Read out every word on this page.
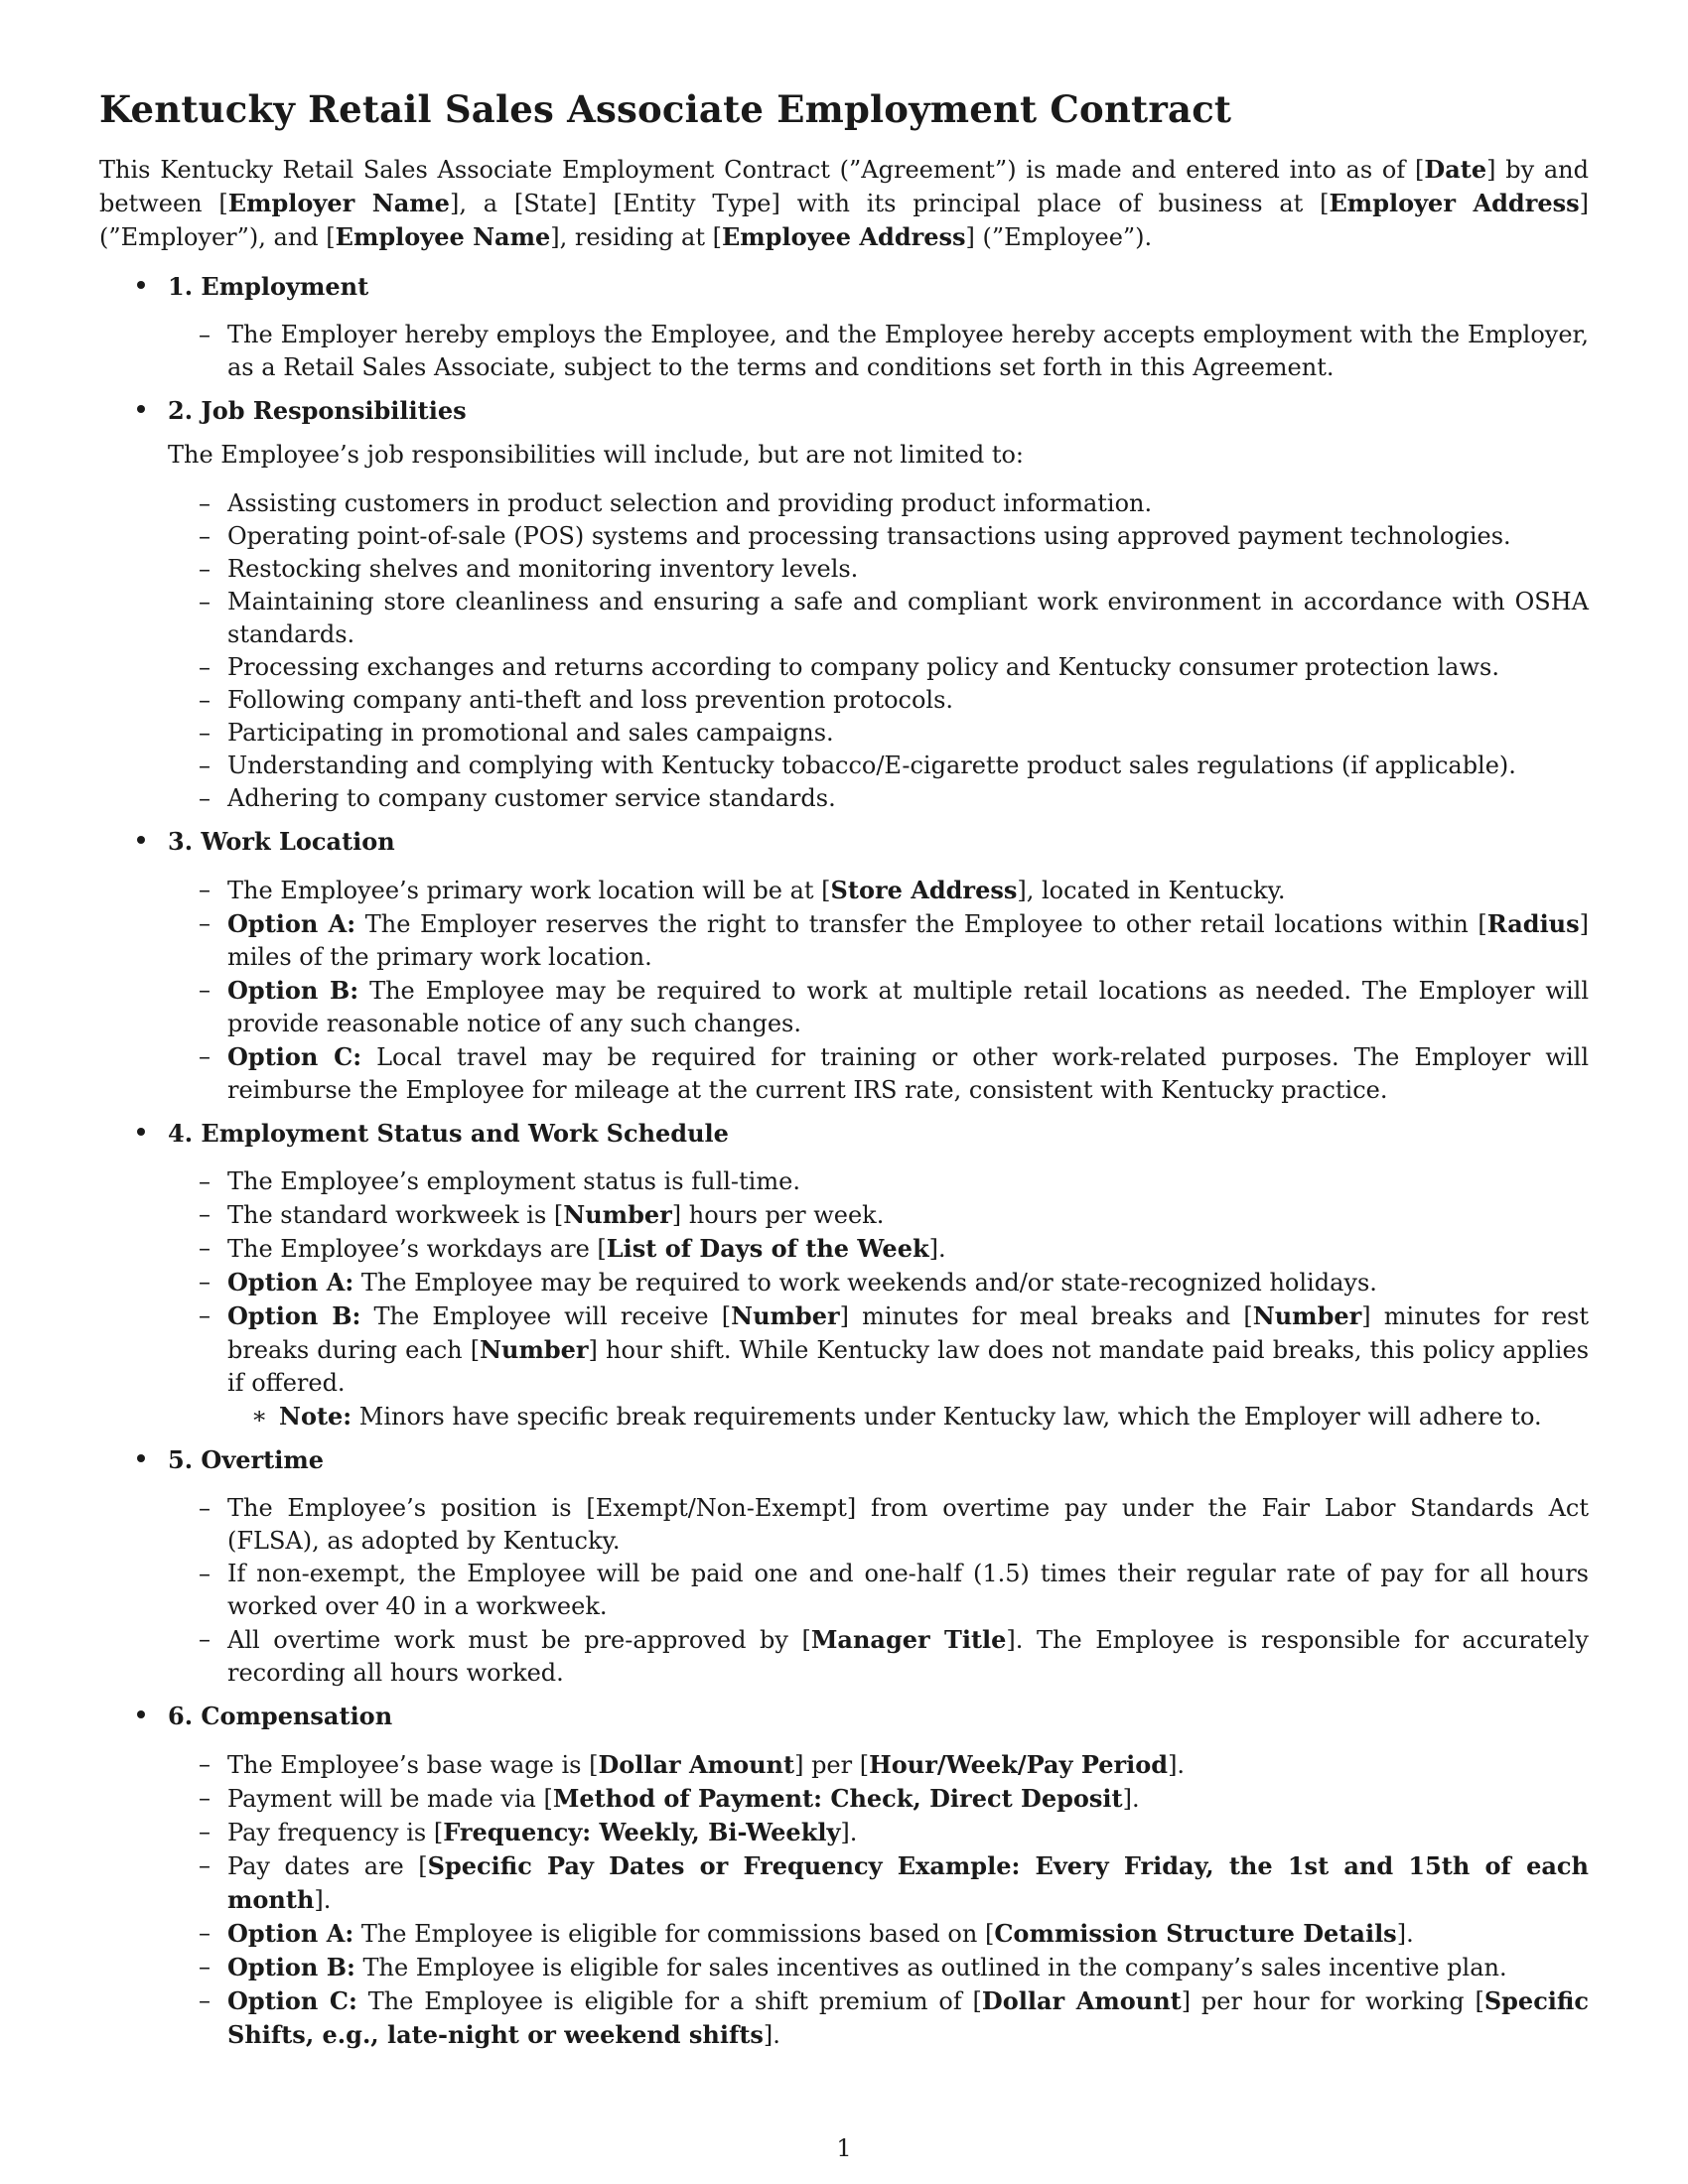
Kentucky Retail Sales Associate Employment Contract

This Kentucky Retail Sales Associate Employment Contract (”Agreement”) is made and entered into as of [Date] by and between [Employer Name], a [State] [Entity Type] with its principal place of business at [Employer Address] (”Employer”), and [Employee Name], residing at [Employee Address] (”Employee”).

1. Employment
– The Employer hereby employs the Employee, and the Employee hereby accepts employment with the Employer, as a Retail Sales Associate, subject to the terms and conditions set forth in this Agreement.
2. Job Responsibilities
The Employee’s job responsibilities will include, but are not limited to:
– Assisting customers in product selection and providing product information.
– Operating point-of-sale (POS) systems and processing transactions using approved payment technologies.
– Restocking shelves and monitoring inventory levels.
– Maintaining store cleanliness and ensuring a safe and compliant work environment in accordance with OSHA standards.
– Processing exchanges and returns according to company policy and Kentucky consumer protection laws.
– Following company anti-theft and loss prevention protocols.
– Participating in promotional and sales campaigns.
– Understanding and complying with Kentucky tobacco/E-cigarette product sales regulations (if applicable).
– Adhering to company customer service standards.
3. Work Location
– The Employee’s primary work location will be at [Store Address], located in Kentucky.
– Option A: The Employer reserves the right to transfer the Employee to other retail locations within [Radius] miles of the primary work location.
– Option B: The Employee may be required to work at multiple retail locations as needed. The Employer will provide reasonable notice of any such changes.
– Option C: Local travel may be required for training or other work-related purposes. The Employer will reimburse the Employee for mileage at the current IRS rate, consistent with Kentucky practice.
4. Employment Status and Work Schedule
– The Employee’s employment status is full-time.
– The standard workweek is [Number] hours per week.
– The Employee’s workdays are [List of Days of the Week].
– Option A: The Employee may be required to work weekends and/or state-recognized holidays.
– Option B: The Employee will receive [Number] minutes for meal breaks and [Number] minutes for rest breaks during each [Number] hour shift. While Kentucky law does not mandate paid breaks, this policy applies if offered.
∗ Note: Minors have specific break requirements under Kentucky law, which the Employer will adhere to.
5. Overtime
– The Employee’s position is [Exempt/Non-Exempt] from overtime pay under the Fair Labor Standards Act (FLSA), as adopted by Kentucky.
– If non-exempt, the Employee will be paid one and one-half (1.5) times their regular rate of pay for all hours worked over 40 in a workweek.
– All overtime work must be pre-approved by [Manager Title]. The Employee is responsible for accurately recording all hours worked.
6. Compensation
– The Employee’s base wage is [Dollar Amount] per [Hour/Week/Pay Period].
– Payment will be made via [Method of Payment: Check, Direct Deposit].
– Pay frequency is [Frequency: Weekly, Bi-Weekly].
– Pay dates are [Specific Pay Dates or Frequency Example: Every Friday, the 1st and 15th of each month].
– Option A: The Employee is eligible for commissions based on [Commission Structure Details].
– Option B: The Employee is eligible for sales incentives as outlined in the company’s sales incentive plan.
– Option C: The Employee is eligible for a shift premium of [Dollar Amount] per hour for working [Specific Shifts, e.g., late-night or weekend shifts].
1
